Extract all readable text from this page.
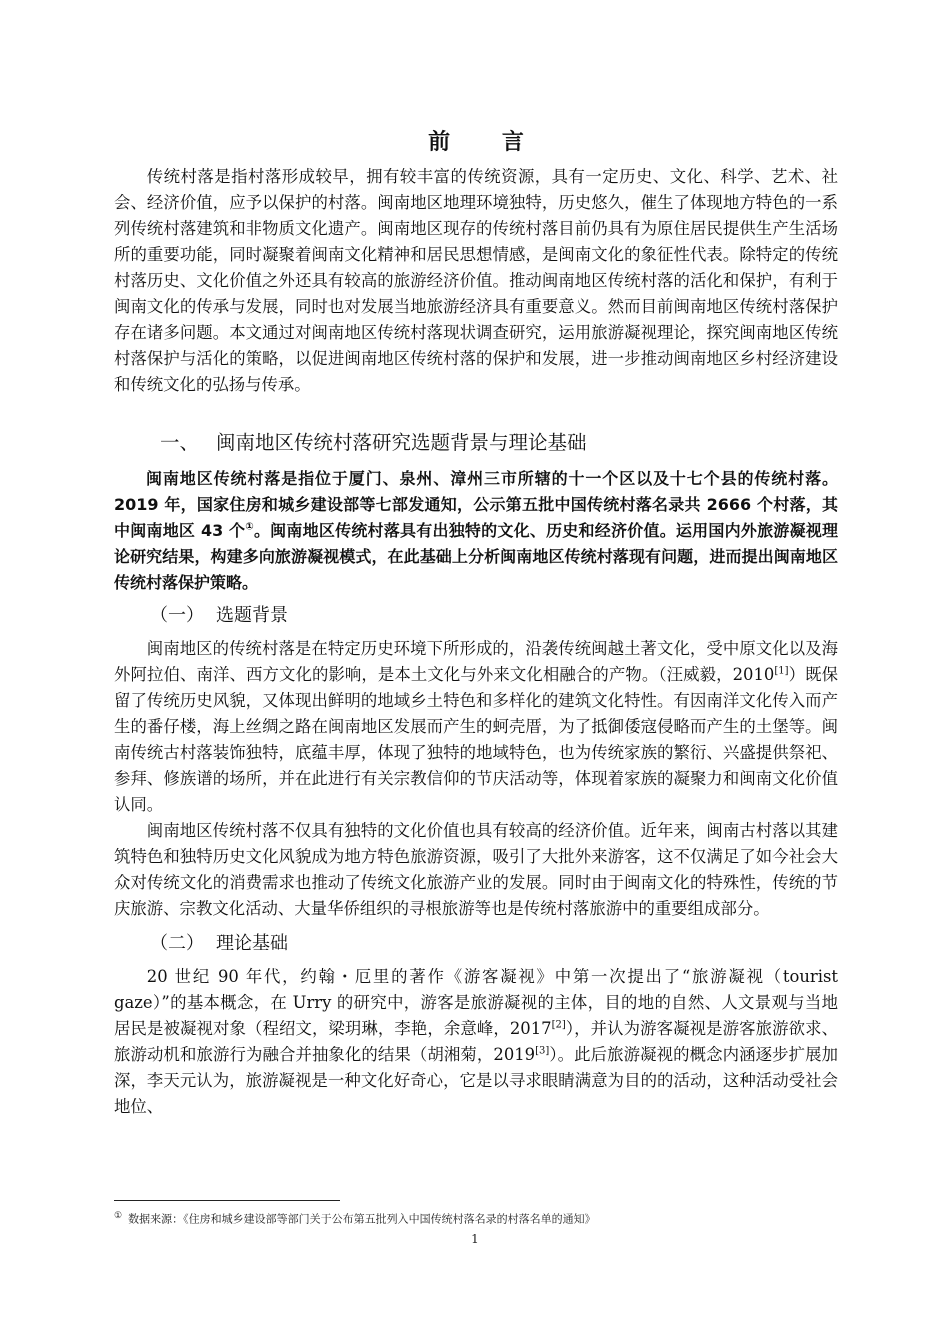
前 言

传统村落是指村落形成较早，拥有较丰富的传统资源，具有一定历史、文化、科学、艺术、社会、经济价值，应予以保护的村落。闽南地区地理环境独特，历史悠久，催生了体现地方特色的一系列传统村落建筑和非物质文化遗产。闽南地区现存的传统村落目前仍具有为原住居民提供生产生活场所的重要功能，同时凝聚着闽南文化精神和居民思想情感，是闽南文化的象征性代表。除特定的传统村落历史、文化价值之外还具有较高的旅游经济价值。推动闽南地区传统村落的活化和保护，有利于闽南文化的传承与发展，同时也对发展当地旅游经济具有重要意义。然而目前闽南地区传统村落保护存在诸多问题。本文通过对闽南地区传统村落现状调查研究，运用旅游凝视理论，探究闽南地区传统村落保护与活化的策略，以促进闽南地区传统村落的保护和发展，进一步推动闽南地区乡村经济建设和传统文化的弘扬与传承。

一、 闽南地区传统村落研究选题背景与理论基础

闽南地区传统村落是指位于厦门、泉州、漳州三市所辖的十一个区以及十七个县的传统村落。2019 年，国家住房和城乡建设部等七部发通知，公示第五批中国传统村落名录共 2666 个村落，其中闽南地区 43 个①。闽南地区传统村落具有出独特的文化、历史和经济价值。运用国内外旅游凝视理论研究结果，构建多向旅游凝视模式，在此基础上分析闽南地区传统村落现有问题，进而提出闽南地区传统村落保护策略。

（一） 选题背景

闽南地区的传统村落是在特定历史环境下所形成的，沿袭传统闽越土著文化，受中原文化以及海外阿拉伯、南洋、西方文化的影响，是本土文化与外来文化相融合的产物。（汪威毅，2010[1]）既保留了传统历史风貌，又体现出鲜明的地域乡土特色和多样化的建筑文化特性。有因南洋文化传入而产生的番仔楼，海上丝绸之路在闽南地区发展而产生的蚵壳厝，为了抵御倭寇侵略而产生的土堡等。闽南传统古村落装饰独特，底蕴丰厚，体现了独特的地域特色，也为传统家族的繁衍、兴盛提供祭祀、参拜、修族谱的场所，并在此进行有关宗教信仰的节庆活动等，体现着家族的凝聚力和闽南文化价值认同。

闽南地区传统村落不仅具有独特的文化价值也具有较高的经济价值。近年来，闽南古村落以其建筑特色和独特历史文化风貌成为地方特色旅游资源，吸引了大批外来游客，这不仅满足了如今社会大众对传统文化的消费需求也推动了传统文化旅游产业的发展。同时由于闽南文化的特殊性，传统的节庆旅游、宗教文化活动、大量华侨组织的寻根旅游等也是传统村落旅游中的重要组成部分。

（二） 理论基础

20 世纪 90 年代，约翰・厄里的著作《游客凝视》中第一次提出了“旅游凝视（tourist gaze）”的基本概念，在 Urry 的研究中，游客是旅游凝视的主体，目的地的自然、人文景观与当地居民是被凝视对象（程绍文，梁玥琳，李艳，余意峰，2017[2]），并认为游客凝视是游客旅游欲求、旅游动机和旅游行为融合并抽象化的结果（胡湘菊，2019[3]）。此后旅游凝视的概念内涵逐步扩展加深，李天元认为，旅游凝视是一种文化好奇心，它是以寻求眼睛满意为目的的活动，这种活动受社会地位、

① 数据来源：《住房和城乡建设部等部门关于公布第五批列入中国传统村落名录的村落名单的通知》
1
